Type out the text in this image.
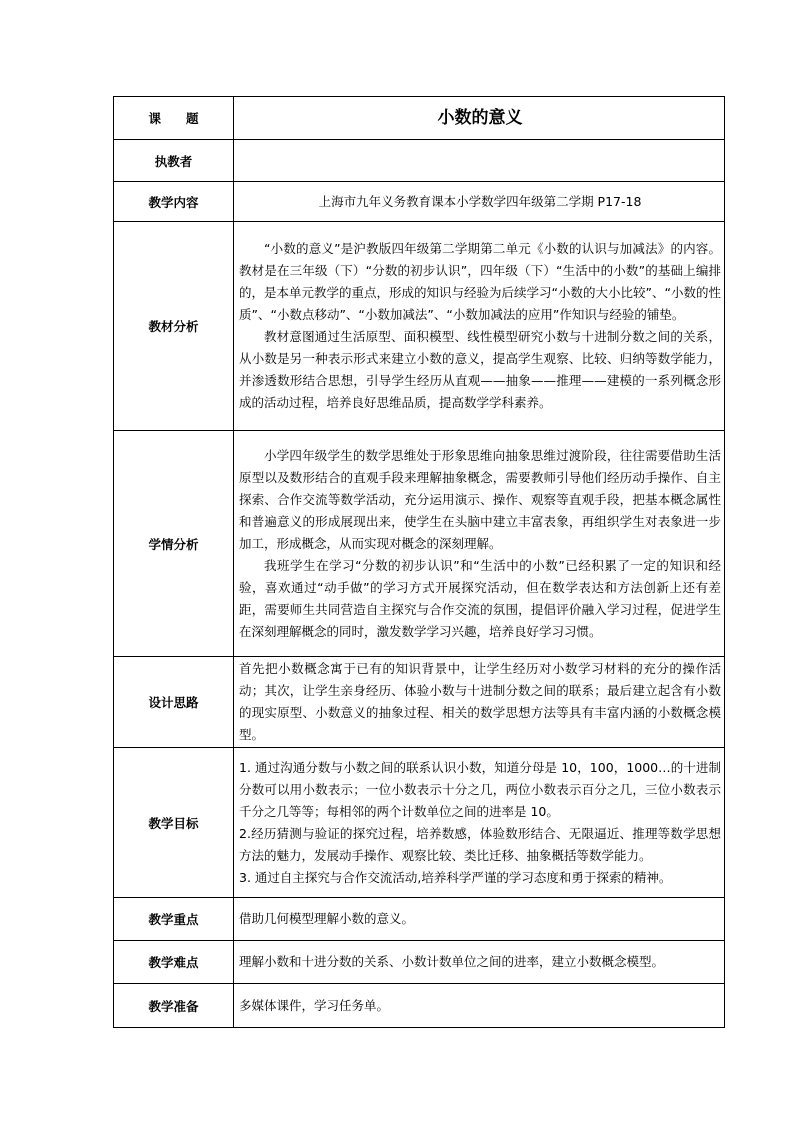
课　　题	小数的意义
执教者	
教学内容	上海市九年义务教育课本小学数学四年级第二学期 P17-18
教材分析	“小数的意义”是沪教版四年级第二学期第二单元《小数的认识与加减法》的内容。教材是在三年级（下）“分数的初步认识”，四年级（下）“生活中的小数”的基础上编排的，是本单元教学的重点，形成的知识与经验为后续学习“小数的大小比较”、“小数的性质”、“小数点移动”、“小数加减法”、“小数加减法的应用”作知识与经验的铺垫。

教材意图通过生活原型、面积模型、线性模型研究小数与十进制分数之间的关系，从小数是另一种表示形式来建立小数的意义，提高学生观察、比较、归纳等数学能力，并渗透数形结合思想，引导学生经历从直观——抽象——推理——建模的一系列概念形成的活动过程，培养良好思维品质，提高数学学科素养。

学情分析	小学四年级学生的数学思维处于形象思维向抽象思维过渡阶段，往往需要借助生活原型以及数形结合的直观手段来理解抽象概念，需要教师引导他们经历动手操作、自主探索、合作交流等数学活动，充分运用演示、操作、观察等直观手段，把基本概念属性和普遍意义的形成展现出来，使学生在头脑中建立丰富表象，再组织学生对表象进一步加工，形成概念，从而实现对概念的深刻理解。

我班学生在学习“分数的初步认识”和“生活中的小数”已经积累了一定的知识和经验，喜欢通过“动手做”的学习方式开展探究活动，但在数学表达和方法创新上还有差距，需要师生共同营造自主探究与合作交流的氛围，提倡评价融入学习过程，促进学生在深刻理解概念的同时，激发数学学习兴趣，培养良好学习习惯。

设计思路	首先把小数概念寓于已有的知识背景中，让学生经历对小数学习材料的充分的操作活动；其次，让学生亲身经历、体验小数与十进制分数之间的联系；最后建立起含有小数的现实原型、小数意义的抽象过程、相关的数学思想方法等具有丰富内涵的小数概念模型。
教学目标	1. 通过沟通分数与小数之间的联系认识小数，知道分母是 10，100，1000…的十进制分数可以用小数表示；一位小数表示十分之几，两位小数表示百分之几，三位小数表示千分之几等等；每相邻的两个计数单位之间的进率是 10。

2.经历猜测与验证的探究过程，培养数感，体验数形结合、无限逼近、推理等数学思想方法的魅力，发展动手操作、观察比较、类比迁移、抽象概括等数学能力。

3. 通过自主探究与合作交流活动,培养科学严谨的学习态度和勇于探索的精神。

教学重点	借助几何模型理解小数的意义。
教学难点	理解小数和十进分数的关系、小数计数单位之间的进率，建立小数概念模型。
教学准备	多媒体课件，学习任务单。
